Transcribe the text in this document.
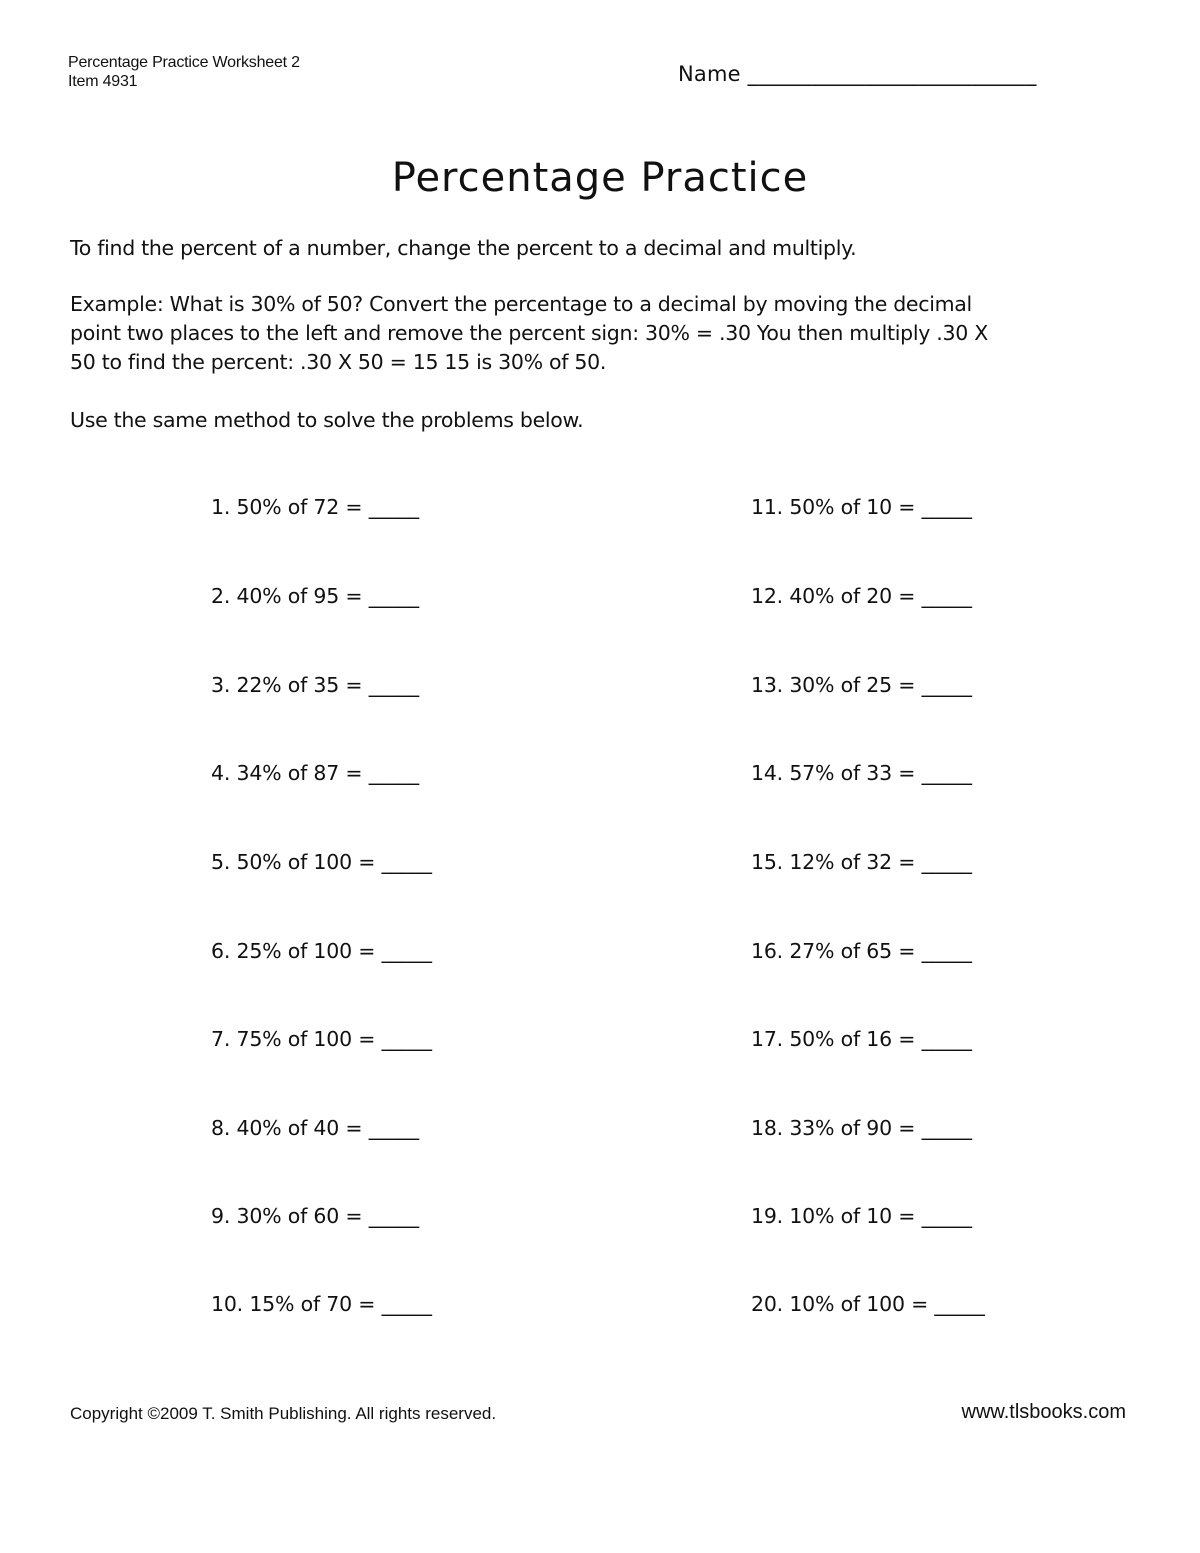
Percentage Practice Worksheet 2
Item 4931	Name ___________________________
Percentage Practice

To find the percent of a number, change the percent to a decimal and multiply.

Example: What is 30% of 50? Convert the percentage to a decimal by moving the decimal
point two places to the left and remove the percent sign: 30% = .30 You then multiply .30 X
50 to find the percent: .30 X 50 = 15 15 is 30% of 50.

Use the same method to solve the problems below.

1. 50% of 72 = _____
2. 40% of 95 = _____
3. 22% of 35 = _____
4. 34% of 87 = _____
5. 50% of 100 = _____
6. 25% of 100 = _____
7. 75% of 100 = _____
8. 40% of 40 = _____
9. 30% of 60 = _____
10. 15% of 70 = _____
11. 50% of 10 = _____
12. 40% of 20 = _____
13. 30% of 25 = _____
14. 57% of 33 = _____
15. 12% of 32 = _____
16. 27% of 65 = _____
17. 50% of 16 = _____
18. 33% of 90 = _____
19. 10% of 10 = _____
20. 10% of 100 = _____
Copyright ©2009 T. Smith Publishing. All rights reserved.	www.tlsbooks.com
